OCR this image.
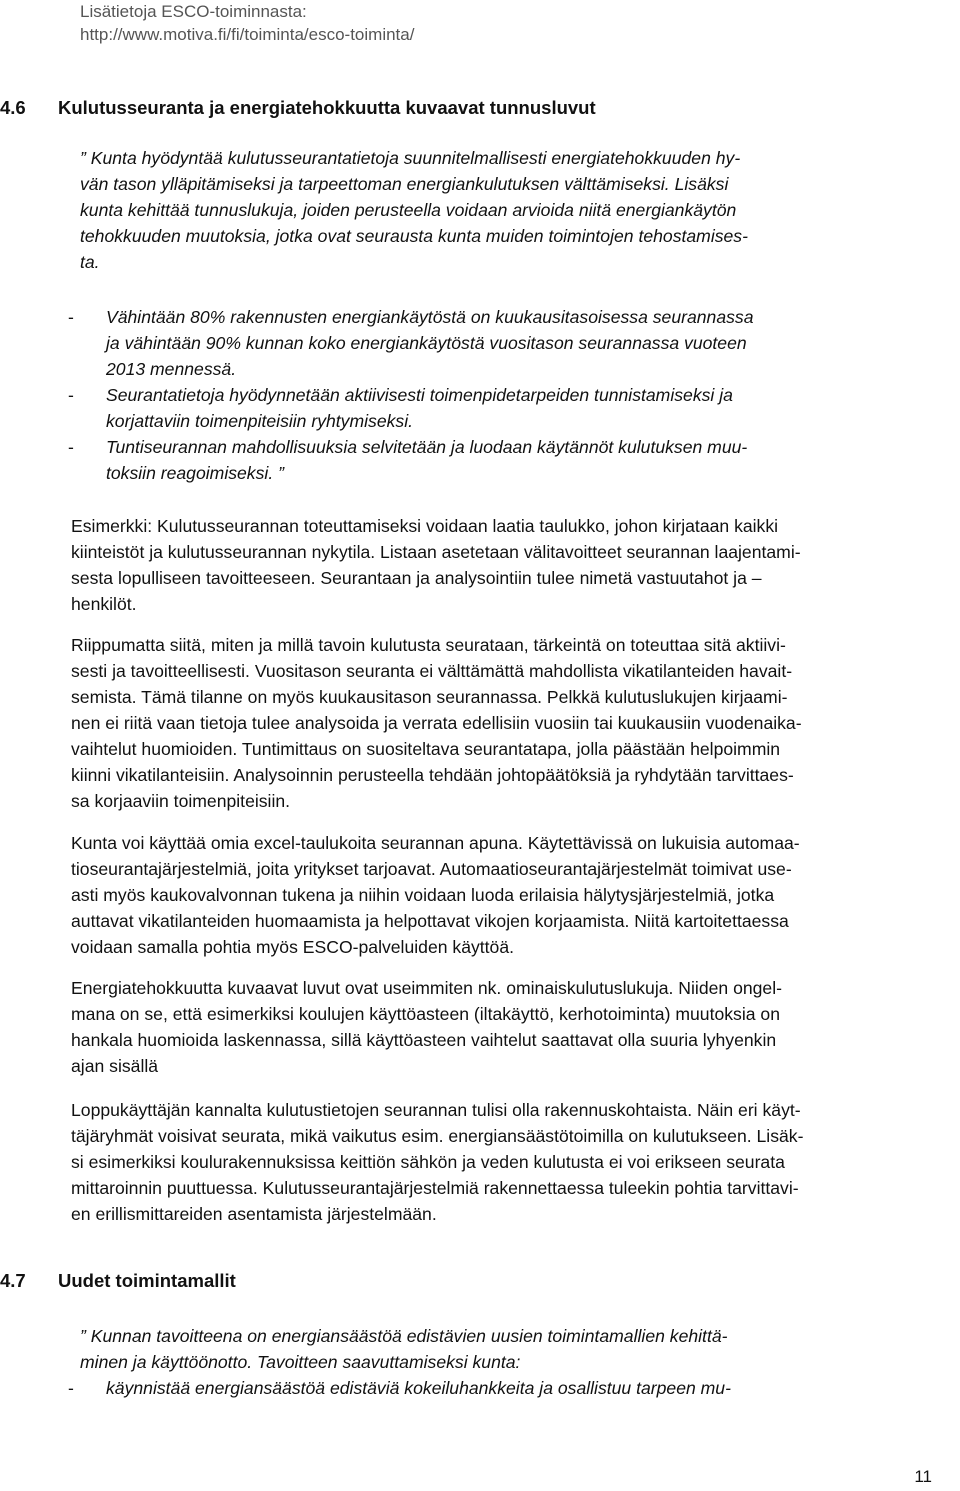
Lisätietoja ESCO-toiminnasta:
http://www.motiva.fi/fi/toiminta/esco-toiminta/
4.6 Kulutusseuranta ja energiatehokkuutta kuvaavat tunnusluvut
” Kunta hyödyntää kulutusseurantatietoja suunnitelmallisesti energiatehokkuuden hy-
vän tason ylläpitämiseksi ja tarpeettoman energiankulutuksen välttämiseksi. Lisäksi
kunta kehittää tunnuslukuja, joiden perusteella voidaan arvioida niitä energiankäytön
tehokkuuden muutoksia, jotka ovat seurausta kunta muiden toimintojen tehostamises-
ta.
- Vähintään 80% rakennusten energiankäytöstä on kuukausitasoisessa seurannassa
ja vähintään 90% kunnan koko energiankäytöstä vuositason seurannassa vuoteen
2013 mennessä.
- Seurantatietoja hyödynnetään aktiivisesti toimenpidetarpeiden tunnistamiseksi ja
korjattaviin toimenpiteisiin ryhtymiseksi.
- Tuntiseurannan mahdollisuuksia selvitetään ja luodaan käytännöt kulutuksen muu-
toksiin reagoimiseksi. ”
Esimerkki: Kulutusseurannan toteuttamiseksi voidaan laatia taulukko, johon kirjataan kaikki
kiinteistöt ja kulutusseurannan nykytila. Listaan asetetaan välitavoitteet seurannan laajentami-
sesta lopulliseen tavoitteeseen. Seurantaan ja analysointiin tulee nimetä vastuutahot ja –
henkilöt.
Riippumatta siitä, miten ja millä tavoin kulutusta seurataan, tärkeintä on toteuttaa sitä aktiivi-
sesti ja tavoitteellisesti. Vuositason seuranta ei välttämättä mahdollista vikatilanteiden havait-
semista. Tämä tilanne on myös kuukausitason seurannassa. Pelkkä kulutuslukujen kirjaami-
nen ei riitä vaan tietoja tulee analysoida ja verrata edellisiin vuosiin tai kuukausiin vuodenaika-
vaihtelut huomioiden. Tuntimittaus on suositeltava seurantatapa, jolla päästään helpoimmin
kiinni vikatilanteisiin. Analysoinnin perusteella tehdään johtopäätöksiä ja ryhdytään tarvittaes-
sa korjaaviin toimenpiteisiin.
Kunta voi käyttää omia excel-taulukoita seurannan apuna. Käytettävissä on lukuisia automaa-
tioseurantajärjestelmiä, joita yritykset tarjoavat. Automaatioseurantajärjestelmät toimivat use-
asti myös kaukovalvonnan tukena ja niihin voidaan luoda erilaisia hälytysjärjestelmiä, jotka
auttavat vikatilanteiden huomaamista ja helpottavat vikojen korjaamista. Niitä kartoitettaessa
voidaan samalla pohtia myös ESCO-palveluiden käyttöä.
Energiatehokkuutta kuvaavat luvut ovat useimmiten nk. ominaiskulutuslukuja. Niiden ongel-
mana on se, että esimerkiksi koulujen käyttöasteen (iltakäyttö, kerhotoiminta) muutoksia on
hankala huomioida laskennassa, sillä käyttöasteen vaihtelut saattavat olla suuria lyhyenkin
ajan sisällä
Loppukäyttäjän kannalta kulutustietojen seurannan tulisi olla rakennuskohtaista. Näin eri käyt-
täjäryhmät voisivat seurata, mikä vaikutus esim. energiansäästötoimilla on kulutukseen. Lisäk-
si esimerkiksi koulurakennuksissa keittiön sähkön ja veden kulutusta ei voi erikseen seurata
mittaroinnin puuttuessa. Kulutusseurantajärjestelmiä rakennettaessa tuleekin pohtia tarvittavi-
en erillismittareiden asentamista järjestelmään.
4.7 Uudet toimintamallit
” Kunnan tavoitteena on energiansäästöä edistävien uusien toimintamallien kehittä-
minen ja käyttöönotto. Tavoitteen saavuttamiseksi kunta:
- käynnistää energiansäästöä edistäviä kokeiluhankkeita ja osallistuu tarpeen mu-
11
